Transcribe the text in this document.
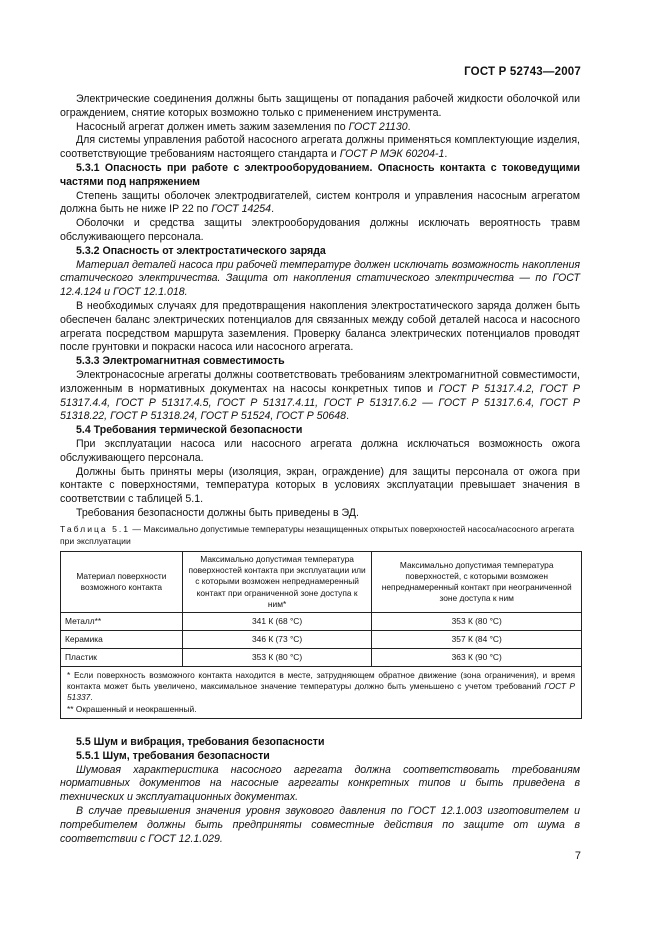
ГОСТ Р 52743—2007

Электрические соединения должны быть защищены от попадания рабочей жидкости оболочкой или ограждением, снятие которых возможно только с применением инструмента.

Насосный агрегат должен иметь зажим заземления по ГОСТ 21130.

Для системы управления работой насосного агрегата должны применяться комплектующие изделия, соответствующие требованиям настоящего стандарта и ГОСТ Р МЭК 60204-1.

5.3.1 Опасность при работе с электрооборудованием. Опасность контакта с токоведущими частями под напряжением

Степень защиты оболочек электродвигателей, систем контроля и управления насосным агрегатом должна быть не ниже IP 22 по ГОСТ 14254.

Оболочки и средства защиты электрооборудования должны исключать вероятность травм обслуживающего персонала.

5.3.2 Опасность от электростатического заряда

Материал деталей насоса при рабочей температуре должен исключать возможность накопления статического электричества. Защита от накопления статического электричества — по ГОСТ 12.4.124 и ГОСТ 12.1.018.

В необходимых случаях для предотвращения накопления электростатического заряда должен быть обеспечен баланс электрических потенциалов для связанных между собой деталей насоса и насосного агрегата посредством маршрута заземления. Проверку баланса электрических потенциалов проводят после грунтовки и покраски насоса или насосного агрегата.

5.3.3 Электромагнитная совместимость

Электронасосные агрегаты должны соответствовать требованиям электромагнитной совместимости, изложенным в нормативных документах на насосы конкретных типов и ГОСТ Р 51317.4.2, ГОСТ Р 51317.4.4, ГОСТ Р 51317.4.5, ГОСТ Р 51317.4.11, ГОСТ Р 51317.6.2 — ГОСТ Р 51317.6.4, ГОСТ Р 51318.22, ГОСТ Р 51318.24, ГОСТ Р 51524, ГОСТ Р 50648.

5.4 Требования термической безопасности

При эксплуатации насоса или насосного агрегата должна исключаться возможность ожога обслуживающего персонала.

Должны быть приняты меры (изоляция, экран, ограждение) для защиты персонала от ожога при контакте с поверхностями, температура которых в условиях эксплуатации превышает значения в соответствии с таблицей 5.1.

Требования безопасности должны быть приведены в ЭД.

Таблица 5.1 — Максимально допустимые температуры незащищенных открытых поверхностей насоса/насосного агрегата при эксплуатации
Материал поверхности возможного контакта	Максимально допустимая температура поверхностей контакта при эксплуатации или с которыми возможен непреднамеренный контакт при ограниченной зоне доступа к ним*	Максимально допустимая температура поверхностей, с которыми возможен непреднамеренный контакт при неограниченной зоне доступа к ним
Металл**	341 К (68 °С)	353 К (80 °С)
Керамика	346 К (73 °С)	357 К (84 °С)
Пластик	353 К (80 °С)	363 К (90 °С)

* Если поверхность возможного контакта находится в месте, затрудняющем обратное движение (зона ограничения), и время контакта может быть увеличено, максимальное значение температуры должно быть уменьшено с учетом требований ГОСТ Р 51337.

** Окрашенный и неокрашенный.		

5.5 Шум и вибрация, требования безопасности

5.5.1 Шум, требования безопасности

Шумовая характеристика насосного агрегата должна соответствовать требованиям нормативных документов на насосные агрегаты конкретных типов и быть приведена в технических и эксплуатационных документах.

В случае превышения значения уровня звукового давления по ГОСТ 12.1.003 изготовителем и потребителем должны быть предприняты совместные действия по защите от шума в соответствии с ГОСТ 12.1.029.

7
